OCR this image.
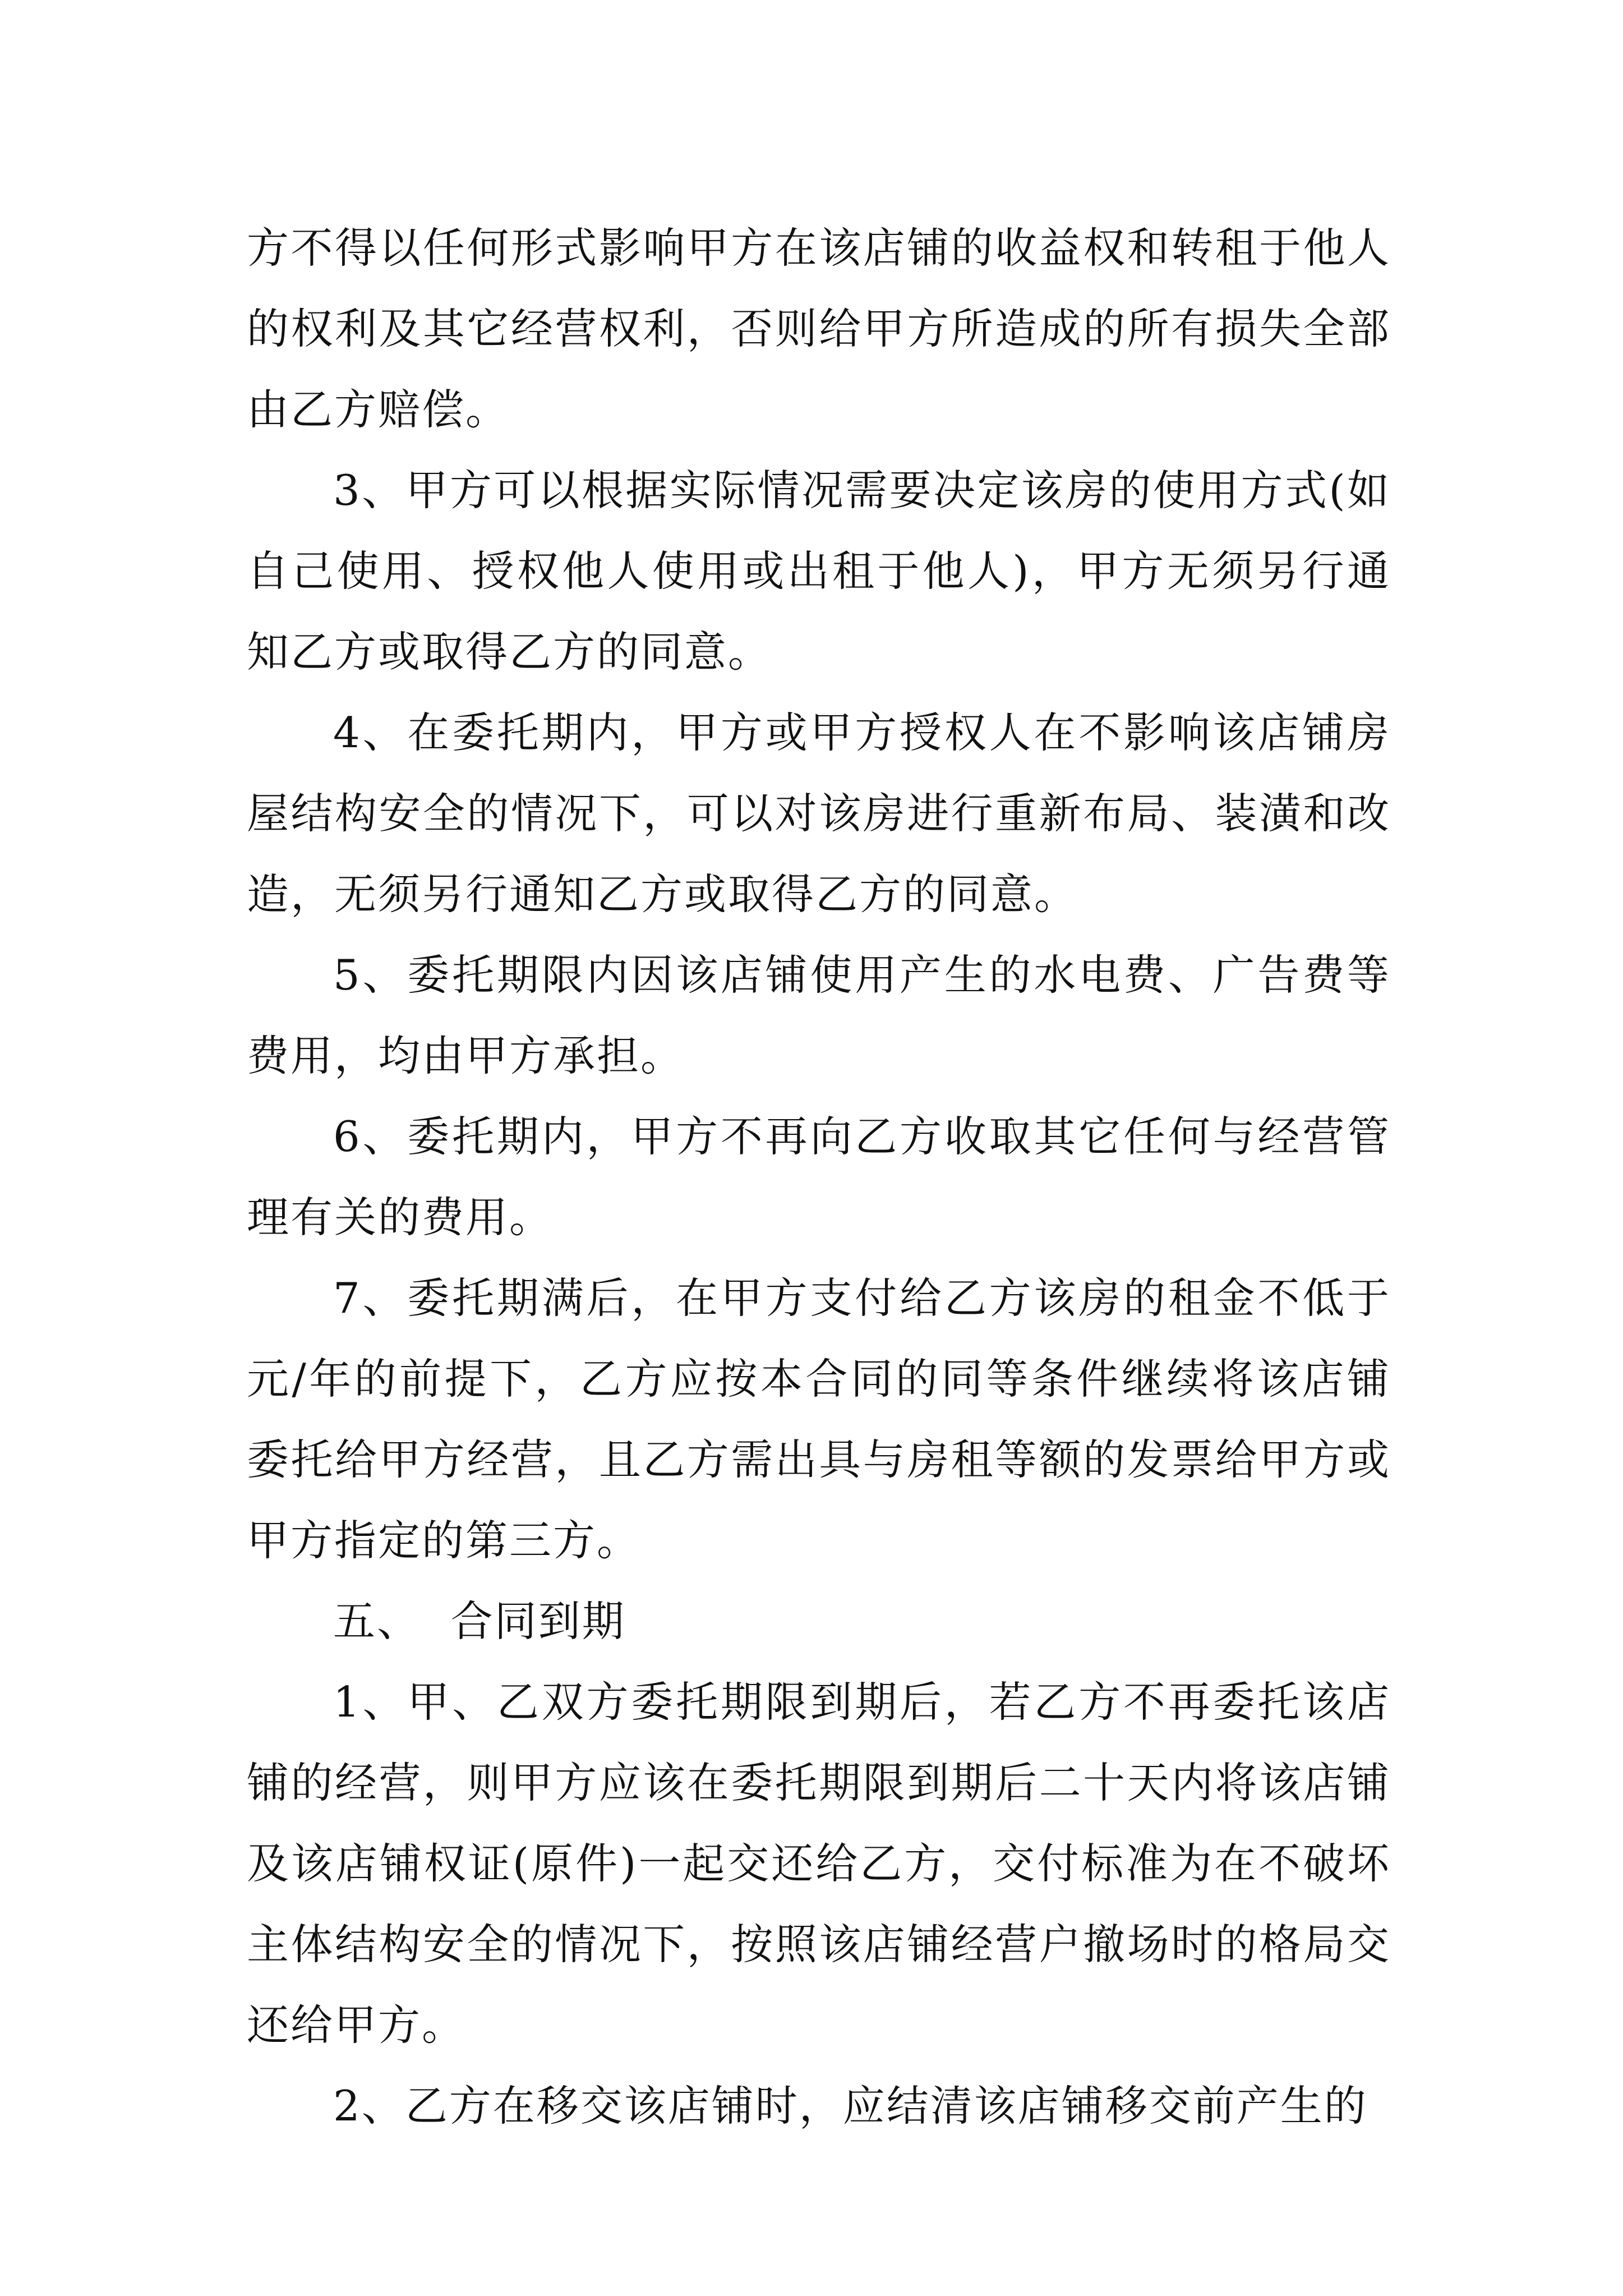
方不得以任何形式影响甲方在该店铺的收益权和转租于他人的权利及其它经营权利，否则给甲方所造成的所有损失全部由乙方赔偿。

3、甲方可以根据实际情况需要决定该房的使用方式(如自己使用、授权他人使用或出租于他人)，甲方无须另行通知乙方或取得乙方的同意。

4、在委托期内，甲方或甲方授权人在不影响该店铺房屋结构安全的情况下，可以对该房进行重新布局、装潢和改造，无须另行通知乙方或取得乙方的同意。

5、委托期限内因该店铺使用产生的水电费、广告费等费用，均由甲方承担。

6、委托期内，甲方不再向乙方收取其它任何与经营管理有关的费用。

7、委托期满后，在甲方支付给乙方该房的租金不低于元/年的前提下，乙方应按本合同的同等条件继续将该店铺委托给甲方经营，且乙方需出具与房租等额的发票给甲方或甲方指定的第三方。

五、  合同到期

1、甲、乙双方委托期限到期后，若乙方不再委托该店铺的经营，则甲方应该在委托期限到期后二十天内将该店铺及该店铺权证(原件)一起交还给乙方，交付标准为在不破坏主体结构安全的情况下，按照该店铺经营户撤场时的格局交还给甲方。

2、乙方在移交该店铺时，应结清该店铺移交前产生的
